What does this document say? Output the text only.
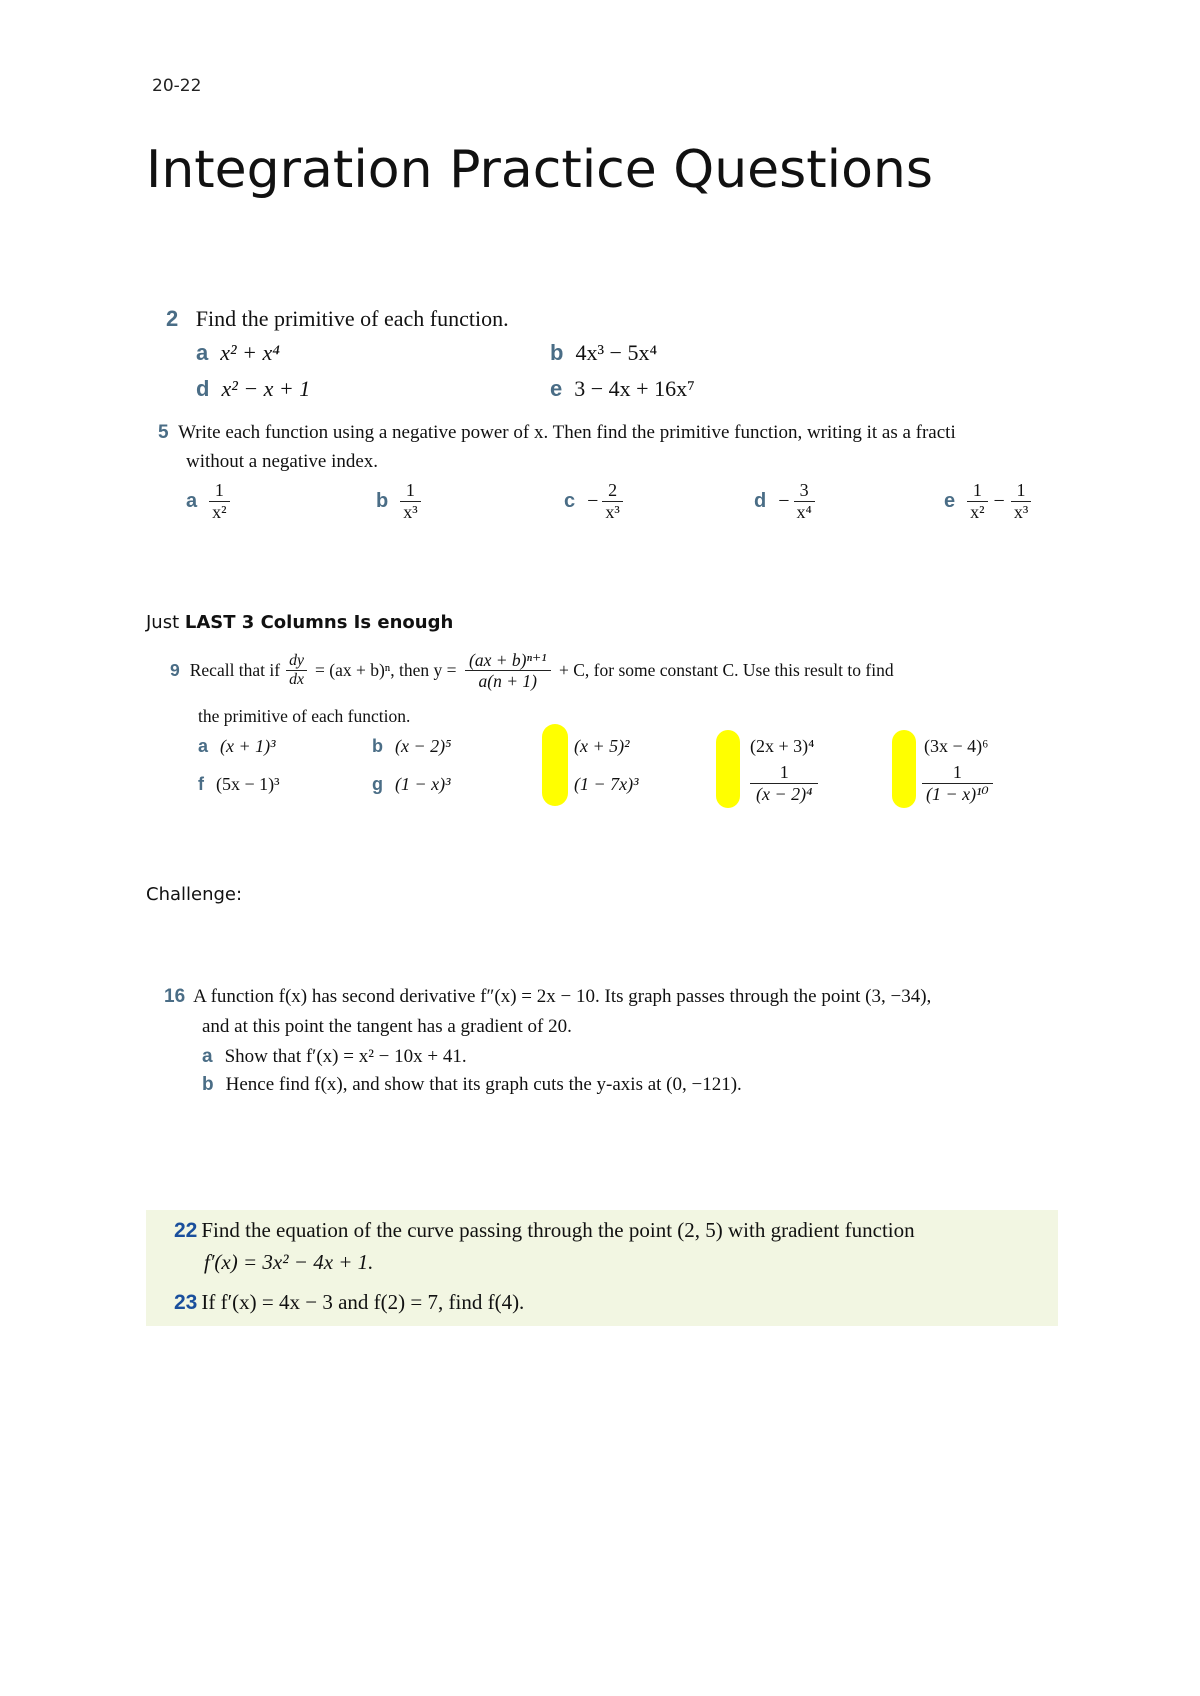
20-22
Integration Practice Questions
2 Find the primitive of each function.
a x² + x⁴	b 4x³ − 5x⁴
d x² − x + 1	e 3 − 4x + 16x⁷
5 Write each function using a negative power of x. Then find the primitive function, writing it as a fracti
without a negative index.
a $\frac{1}{\text{x²}}$	b $\frac{1}{\text{x³}}$	$c - \frac{2}{\text{x³}}$	$d - \frac{3}{\text{x⁴}}$	e $\frac{1}{\text{x²}} - \frac{1}{\text{x³}}$
Just LAST 3 Columns Is enough
9 Recall that if $\frac{dy}{dx} = (ax + b)^n$, then $y = \frac{\text{(ax + b)ⁿ⁺¹}}{a(n + 1)} + C$, for some constant C. Use this result to find
the primitive of each function.
a (x + 1)³	b (x − 2)⁵	(x + 5)²	(2x + 3)⁴	(3x − 4)⁶
f (5x − 1)³	g (1 − x)³	(1 − 7x)³	$\frac{1}{\text{(x − 2)⁴}}$	$\frac{1}{\text{(1 − x)¹⁰}}$
Challenge:
16 A function f(x) has second derivative f″(x) = 2x − 10. Its graph passes through the point (3, −34),
and at this point the tangent has a gradient of 20.
a Show that f′(x) = x² − 10x + 41.
b Hence find f(x), and show that its graph cuts the y-axis at (0, −121).
22 Find the equation of the curve passing through the point (2, 5) with gradient function
f′(x) = 3x² − 4x + 1.
23 If f′(x) = 4x − 3 and f(2) = 7, find f(4).
